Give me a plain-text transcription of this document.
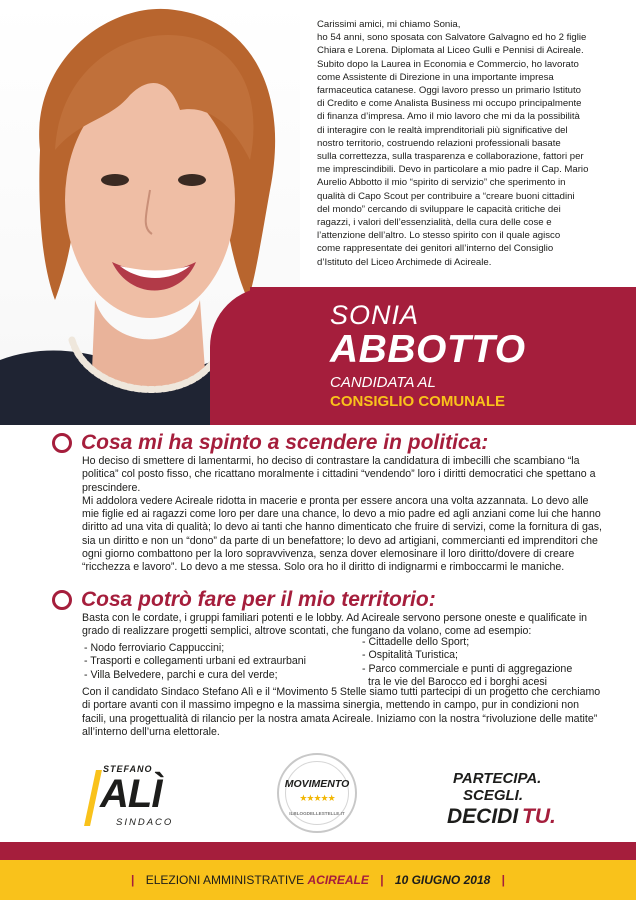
Carissimi amici, mi chiamo Sonia,

ho 54 anni, sono sposata con Salvatore Galvagno ed ho 2 figlie

Chiara e Lorena. Diplomata al Liceo Gulli e Pennisi di Acireale.

Subito dopo la Laurea in Economia e Commercio, ho lavorato

come Assistente di Direzione in una importante impresa

farmaceutica catanese. Oggi lavoro presso un primario Istituto

di Credito e come Analista Business mi occupo principalmente

di finanza d’impresa. Amo il mio lavoro che mi da la possibilità

di interagire con le realtà imprenditoriali più significative del

nostro territorio, costruendo relazioni professionali basate

sulla correttezza, sulla trasparenza e collaborazione, fattori per

me imprescindibili. Devo in particolare a mio padre il Cap. Mario

Aurelio Abbotto il mio “spirito di servizio” che sperimento in

qualità di Capo Scout per contribuire a “creare buoni cittadini

del mondo” cercando di sviluppare le capacità critiche dei

ragazzi, i valori dell’essenzialità, della cura delle cose e

l’attenzione dell’altro. Lo stesso spirito con il quale agisco

come rappresentate dei genitori all’interno del Consiglio

d’Istituto del Liceo Archimede di Acireale.

SONIA
ABBOTTO
CANDIDATA AL
CONSIGLIO COMUNALE
Cosa mi ha spinto a scendere in politica:

Ho deciso di smettere di lamentarmi, ho deciso di contrastare la candidatura di imbecilli che scambiano “la politica” col posto fisso, che ricattano moralmente i cittadini “vendendo” loro i diritti democratici che spettano a prescindere.

Mi addolora vedere Acireale ridotta in macerie e pronta per essere ancora una volta azzannata. Lo devo alle mie figlie ed ai ragazzi come loro per dare una chance, lo devo a mio padre ed agli anziani come lui che hanno diritto ad una vita di qualità; lo devo ai tanti che hanno dimenticato che fruire di servizi, come la fornitura di gas, sia un diritto e non un “dono” da parte di un benefattore; lo devo ad artigiani, commercianti ed imprenditori che ogni giorno combattono per la loro sopravvivenza, senza dover elemosinare il loro diritto/dovere di creare “ricchezza e lavoro”. Lo devo a me stessa. Solo ora ho il diritto di indignarmi e rimboccarmi le maniche.

Cosa potrò fare per il mio territorio:
Basta con le cordate, i gruppi familiari potenti e le lobby. Ad Acireale servono persone oneste e qualificate in grado di realizzare progetti semplici, altrove scontati, che fungano da volano, come ad esempio:
- Nodo ferroviario Cappuccini;
- Trasporti e collegamenti urbani ed extraurbani
- Villa Belvedere, parchi e cura del verde;
- Cittadelle dello Sport;
- Ospitalità Turistica;
- Parco commerciale e punti di aggregazione
tra le vie del Barocco ed i borghi acesi
Con il candidato Sindaco Stefano Alì e il “Movimento 5 Stelle siamo tutti partecipi di un progetto che cerchiamo di portare avanti con il massimo impegno e la massima sinergia, mettendo in campo, pur in condizioni non facili, una progettualità di rilancio per la nostra amata Acireale. Iniziamo con la nostra “rivoluzione delle matite” all’interno dell’urna elettorale.
STEFANO
ALÌ
SINDACO
MOVIMENTO
★★★★★
ILBLOGDELLESTELLE.IT
PARTECIPA.
SCEGLI.
DECIDI TU.
| ELEZIONI AMMINISTRATIVE ACIREALE | 10 GIUGNO 2018 |
